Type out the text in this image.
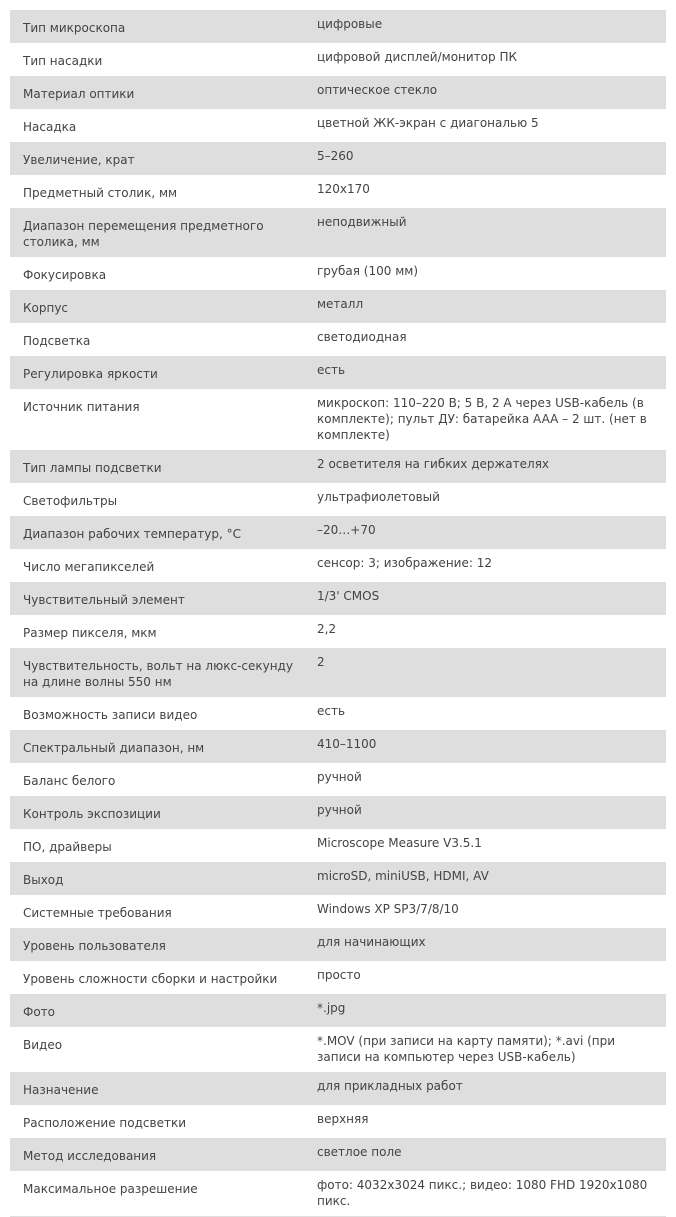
Тип микроскопа	цифровые
Тип насадки	цифровой дисплей/монитор ПК
Материал оптики	оптическое стекло
Насадка	цветной ЖК-экран с диагональю 5
Увеличение, крат	5–260
Предметный столик, мм	120x170
Диапазон перемещения предметного столика, мм	неподвижный
Фокусировка	грубая (100 мм)
Корпус	металл
Подсветка	светодиодная
Регулировка яркости	есть
Источник питания	микроскоп: 110–220 В; 5 В, 2 А через USB-кабель (в комплекте); пульт ДУ: батарейка AAA – 2 шт. (нет в комплекте)
Тип лампы подсветки	2 осветителя на гибких держателях
Светофильтры	ультрафиолетовый
Диапазон рабочих температур, °С	–20…+70
Число мегапикселей	сенсор: 3; изображение: 12
Чувствительный элемент	1/3' CMOS
Размер пикселя, мкм	2,2
Чувствительность, вольт на люкс-секунду на длине волны 550 нм	2
Возможность записи видео	есть
Спектральный диапазон, нм	410–1100
Баланс белого	ручной
Контроль экспозиции	ручной
ПО, драйверы	Microscope Measure V3.5.1
Выход	microSD, miniUSB, HDMI, AV
Системные требования	Windows XP SP3/7/8/10
Уровень пользователя	для начинающих
Уровень сложности сборки и настройки	просто
Фото	*.jpg
Видео	*.MOV (при записи на карту памяти); *.avi (при записи на компьютер через USB-кабель)
Назначение	для прикладных работ
Расположение подсветки	верхняя
Метод исследования	светлое поле
Максимальное разрешение	фото: 4032x3024 пикс.; видео: 1080 FHD 1920x1080 пикс.
